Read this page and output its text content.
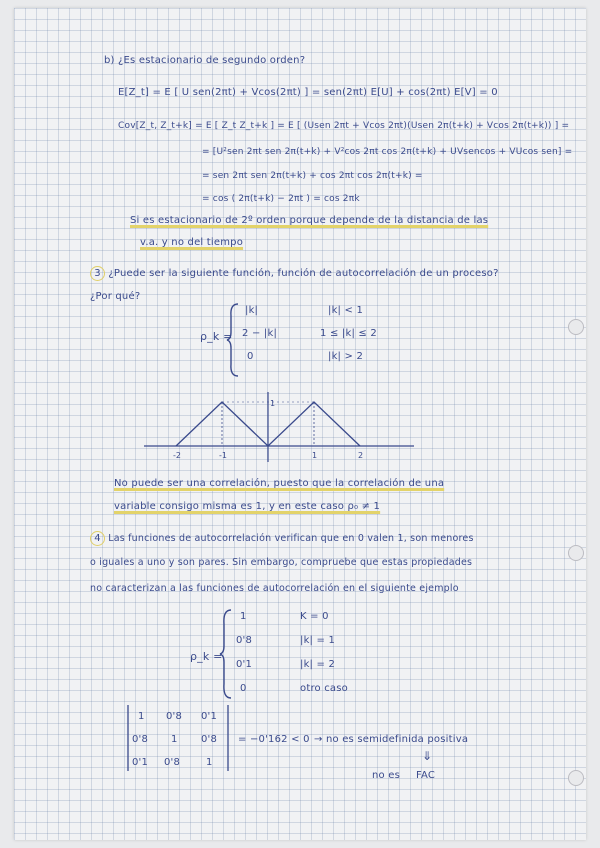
b) ¿Es estacionario de segundo orden?
E[Z_t] = E [ U sen(2πt) + Vcos(2πt) ] = sen(2πt) E[U] + cos(2πt) E[V] = 0
Cov[Z_t, Z_t+k] = E [ Z_t Z_t+k ] = E [ (Usen 2πt + Vcos 2πt)(Usen 2π(t+k) + Vcos 2π(t+k)) ] =
= [U²sen 2πt sen 2π(t+k) + V²cos 2πt cos 2π(t+k) + UVsencos + VUcos sen] =
= sen 2πt sen 2π(t+k) + cos 2πt cos 2π(t+k) =
= cos ( 2π(t+k) − 2πt ) = cos 2πk
Si es estacionario de 2º orden porque depende de la distancia de las
v.a. y no del tiempo
3 ¿Puede ser la siguiente función, función de autocorrelación de un proceso?
¿Por qué?
ρ_k =
|k|	|k| < 1
2 − |k|	1 ≤ |k| ≤ 2
0	|k| > 2
1
-2	-1	1	2
No puede ser una correlación, puesto que la correlación de una
variable consigo misma es 1, y en este caso ρ₀ ≠ 1
4 Las funciones de autocorrelación verifican que en 0 valen 1, son menores
o iguales a uno y son pares. Sin embargo, compruebe que estas propiedades
no caracterizan a las funciones de autocorrelación en el siguiente ejemplo
ρ_k =
1	K = 0
0'8	|k| = 1
0'1	|k| = 2
0	otro caso
1 0'8 0'1
0'8 1 0'8
0'1 0'8	1
= −0'162 < 0 → no es semidefinida positiva
⇓
no es FAC
